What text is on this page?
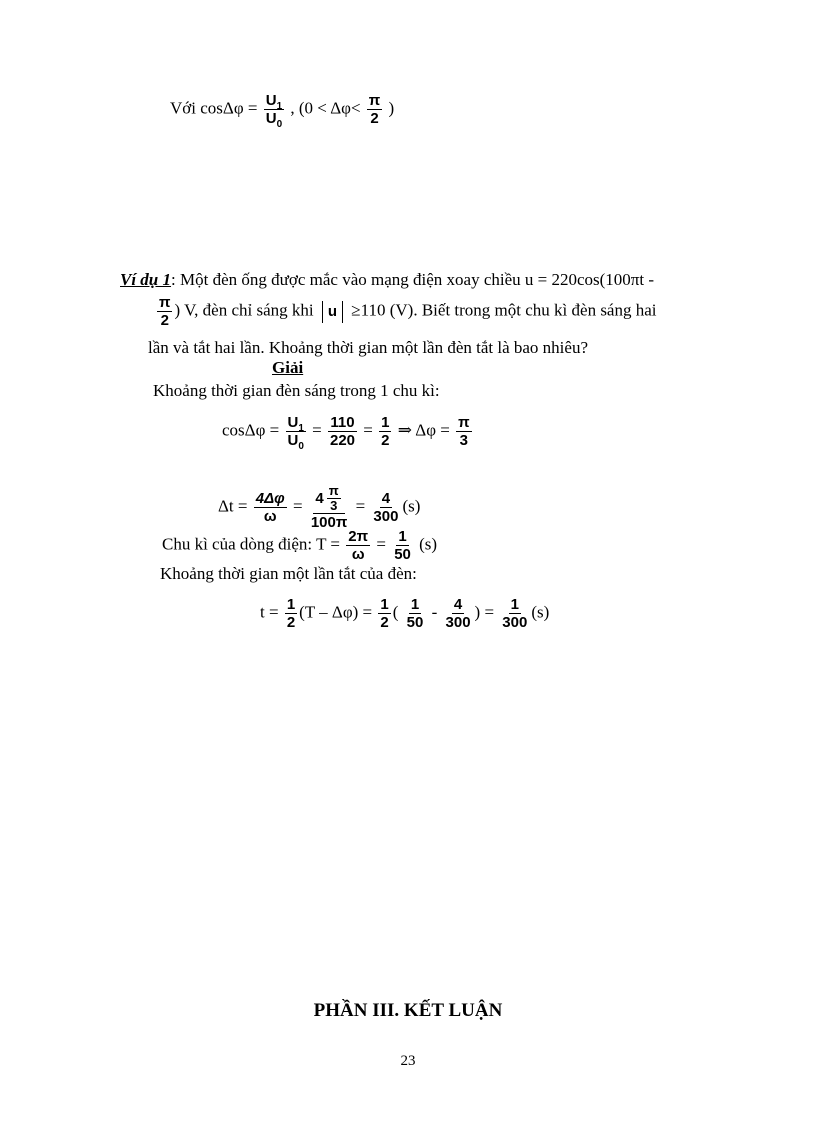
Với $\cos\Delta\varphi = \frac{U_1}{U_0}$ , ($0 < \Delta\varphi< \frac{\pi}{2}$ )
Ví dụ 1: Một đèn ống được mắc vào mạng điện xoay chiều u = 220cos(100πt -
$\frac{\pi}{2}$ ) V, đèn chỉ sáng khi u ≥110 (V). Biết trong một chu kì đèn sáng hai
lần và tắt hai lần. Khoảng thời gian một lần đèn tắt là bao nhiêu?
Giải
Khoảng thời gian đèn sáng trong 1 chu kì:
$\cos\Delta\varphi = \frac{U_1}{U_0} = \frac{110}{220} = \frac{1}{2}$ ⇒ $\Delta\varphi = \frac{\pi}{3}$
$\Delta t = \frac{4\Delta\varphi}{\omega} = \frac{4 \frac{\pi}{3}}{100\pi} = \frac{4}{300} (s)$
Chu kì của dòng điện: $T = \frac{2\pi}{\omega} = \frac{1}{50} (s)$
Khoảng thời gian một lần tắt của đèn:
$t = \frac{1}{2} (T - \Delta\varphi) = \frac{1}{2}$ ( $\frac{1}{50} - \frac{4}{300}$ ) = $\frac{1}{300} (s)$
PHẦN III. KẾT LUẬN
23
